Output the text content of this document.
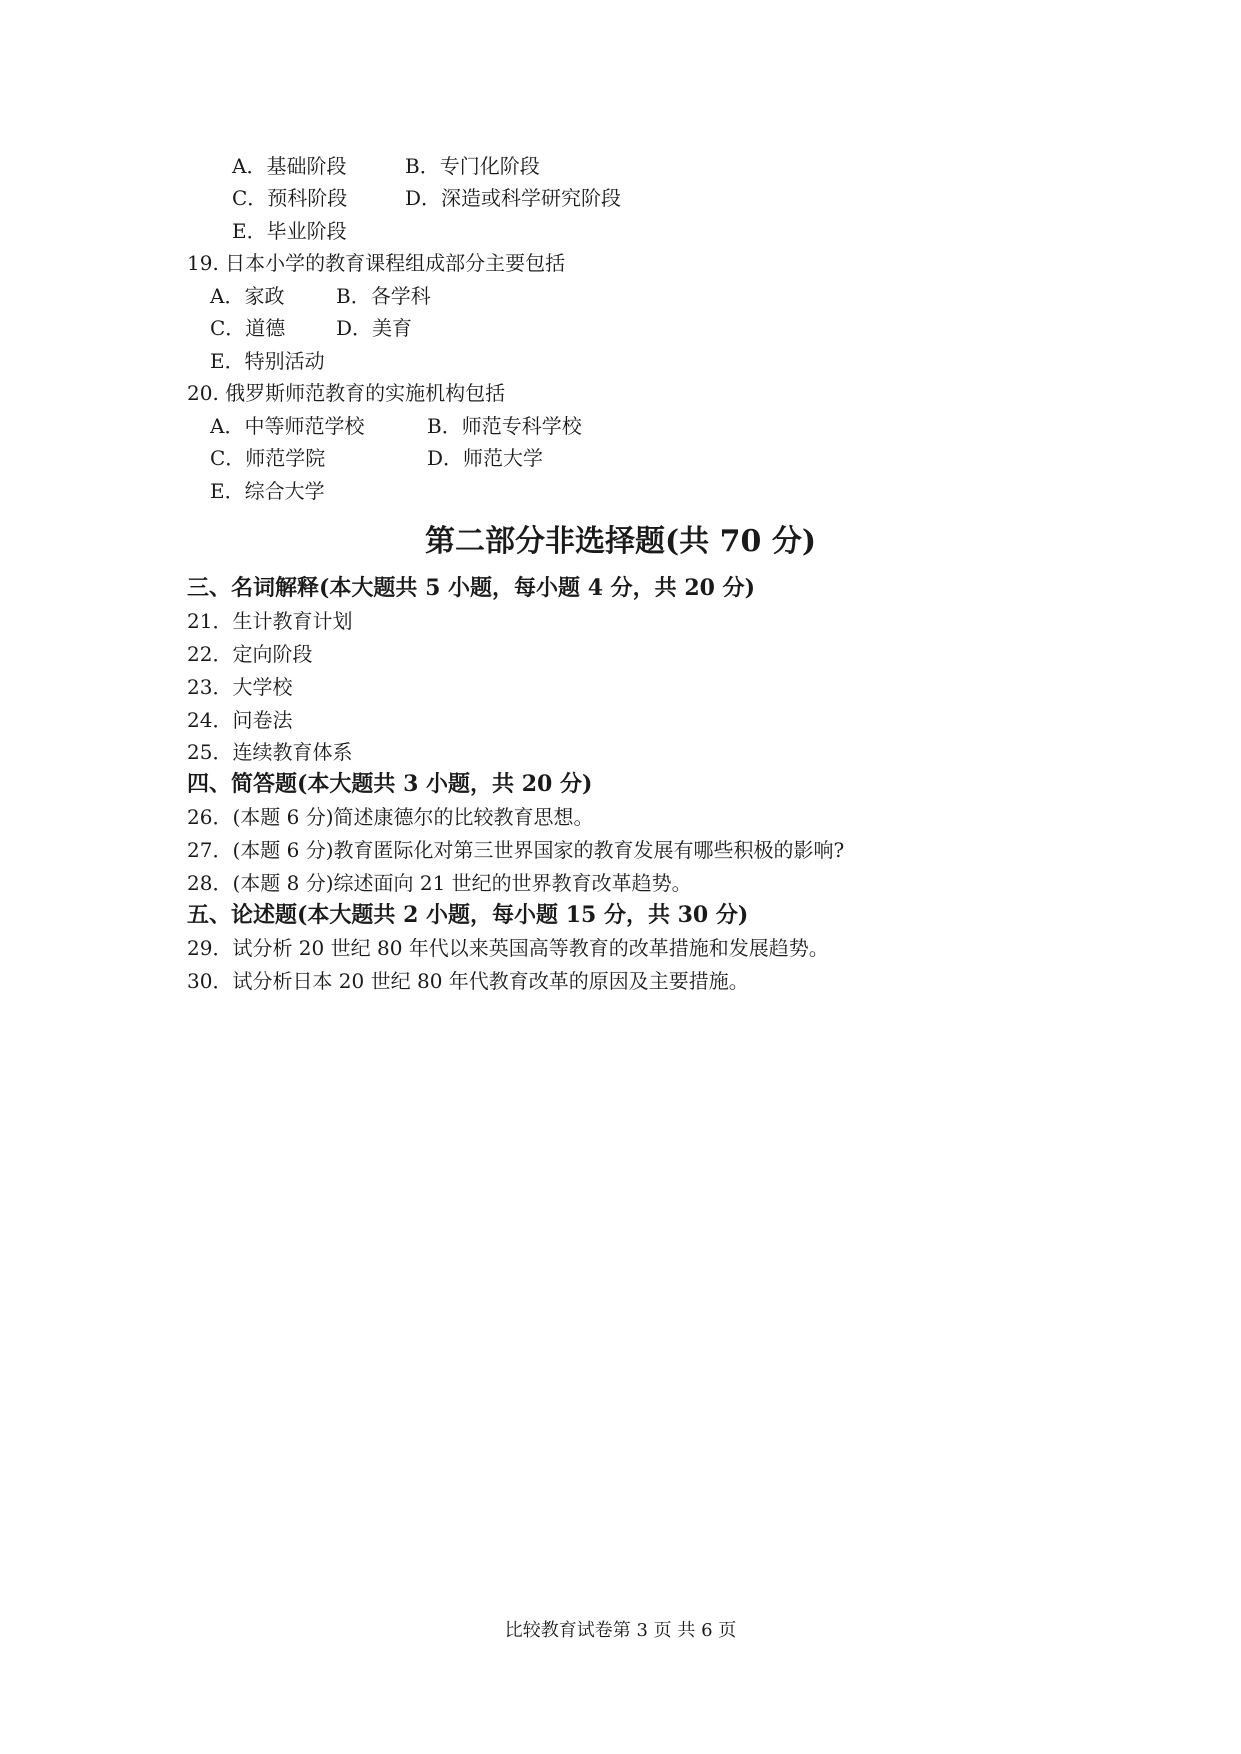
A．基础阶段	B．专门化阶段
C．预科阶段	D．深造或科学研究阶段
E．毕业阶段
19. 日本小学的教育课程组成部分主要包括
A．家政	B．各学科
C．道德	D．美育
E．特别活动
20. 俄罗斯师范教育的实施机构包括
A．中等师范学校	B．师范专科学校
C．师范学院	D．师范大学
E．综合大学
第二部分非选择题(共 70 分)
三、名词解释(本大题共 5 小题，每小题 4 分，共 20 分)
21．生计教育计划
22．定向阶段
23．大学校
24．问卷法
25．连续教育体系
四、简答题(本大题共 3 小题，共 20 分)
26．(本题 6 分)简述康德尔的比较教育思想。
27．(本题 6 分)教育匿际化对第三世界国家的教育发展有哪些积极的影响?
28．(本题 8 分)综述面向 21 世纪的世界教育改革趋势。
五、论述题(本大题共 2 小题，每小题 15 分，共 30 分)
29．试分析 20 世纪 80 年代以来英国高等教育的改革措施和发展趋势。
30．试分析日本 20 世纪 80 年代教育改革的原因及主要措施。
比较教育试卷第 3 页 共 6 页
